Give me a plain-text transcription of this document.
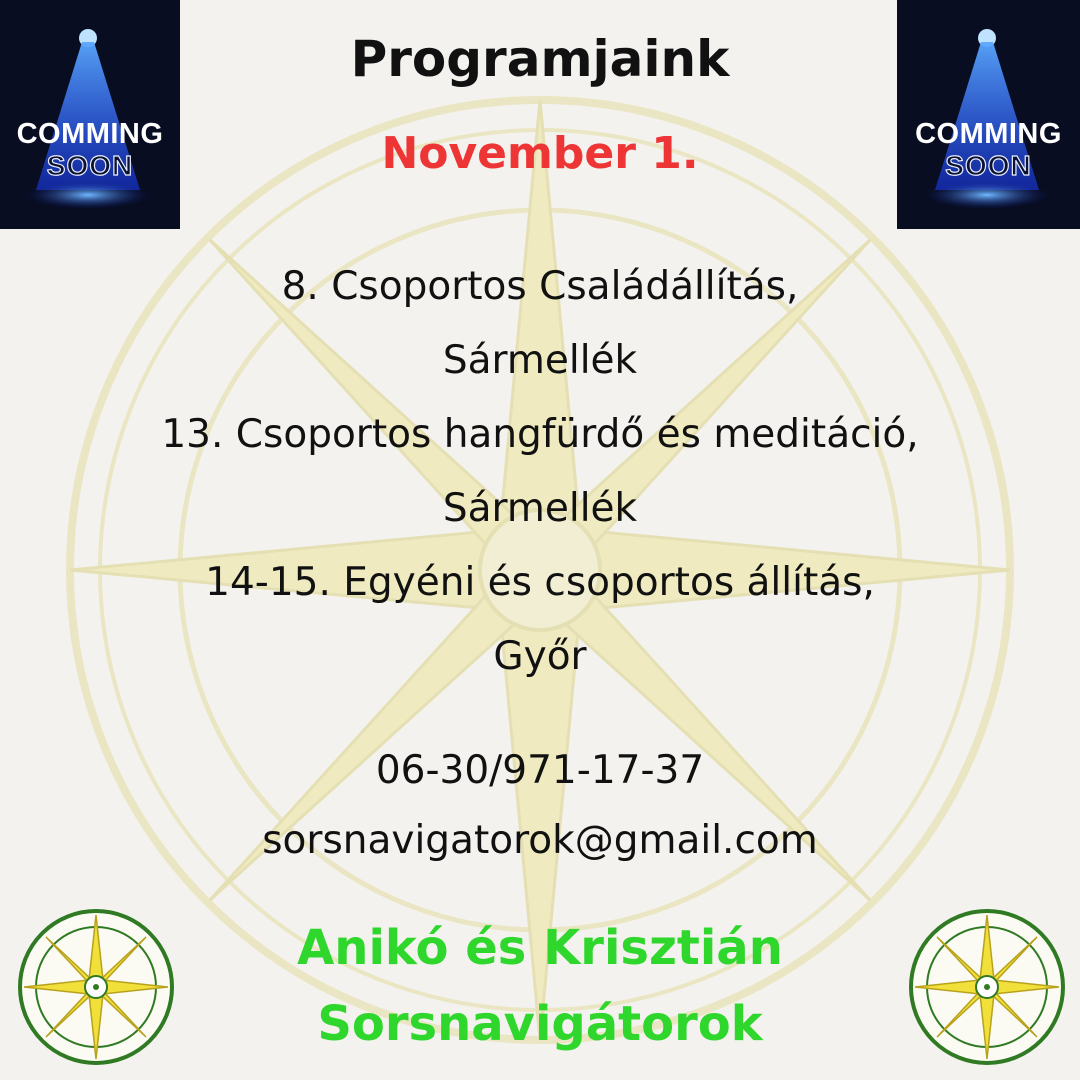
COMMING
SOON
COMMING
SOON
Programjaink
November 1.
8. Csoportos Családállítás,
Sármellék
13. Csoportos hangfürdő és meditáció,
Sármellék
14-15. Egyéni és csoportos állítás,
Győr
06-30/971-17-37
sorsnavigatorok@gmail.com
Anikó és Krisztián
Sorsnavigátorok
